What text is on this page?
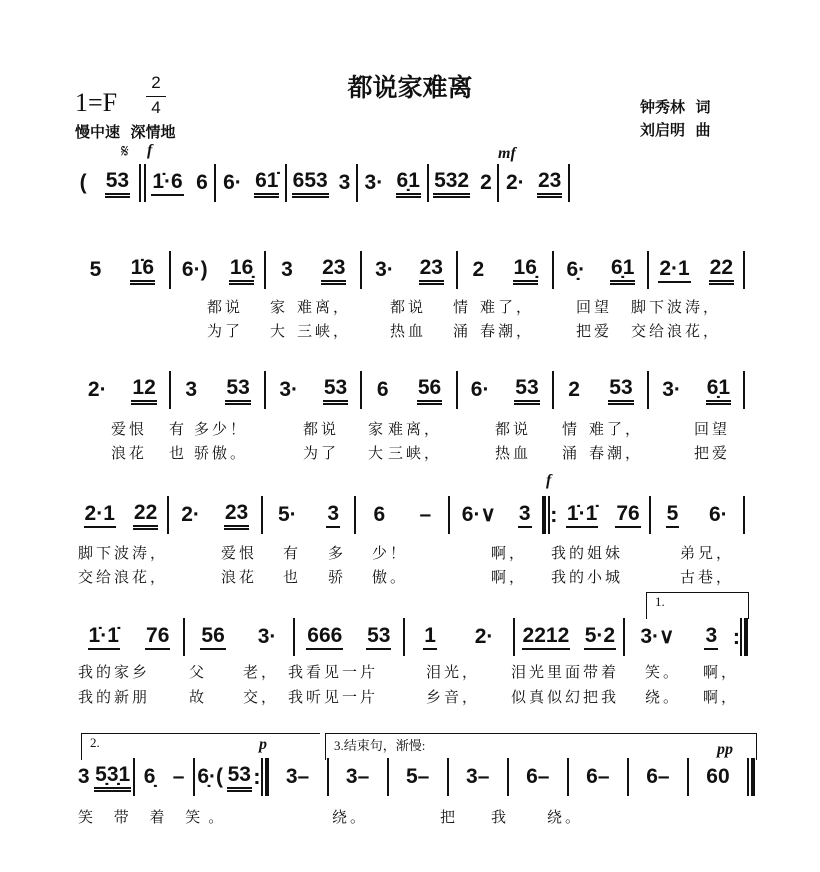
都说家难离
1=F
2
4
慢中速  深情地
钟秀林  词
刘启明  曲
𝄋 f	mf
f
p	pp
1.
2.	3.结束句，渐慢:
( 53 1̇·6 6 6· 61̇ 653 3 3· 6̣1 532 2 2· 23
5 1̇6 6·) 16̣ 3 23 3· 23 2 16̣ 6̣· 6̣1 2·1 22
2· 12 3 53 3· 53 6 56 6· 53 2 53 3· 6̣1
2·1 22 2· 23 5· 3 6 – 6·∨ 3 : 1̇·1̇ 76 5 6·
1̇·1̇ 76 56 3· 666 53 1 2· 2212 5·2 3·∨ 3 :
3 5̣3̣1 6̣ – 6̣·( 53 : 3– 3– 5– 3– 6– 6– 6– 60
都说 家 难离，	都说 情 难了，	回望 脚下波涛，
为了 大 三峡，	热血 涌 春潮，	把爱 交给浪花，
爱恨 有 多少！	都说 家 难离，	都说 情 难了，	回望
浪花 也 骄傲。	为了 大 三峡，	热血 涌 春潮，	把爱
脚下波涛，	爱恨 有 多 少！	啊， 我的姐妹	弟兄，
交给浪花，	浪花 也 骄 傲。	啊， 我的小城	古巷，
我的家乡	父 老， 我看见一片	泪光， 泪光里面带着 笑。 啊，
我的新朋	故 交， 我听见一片	乡音， 似真似幻把我 绕。 啊，
笑 带 着 笑。	绕。	把 我	绕。
